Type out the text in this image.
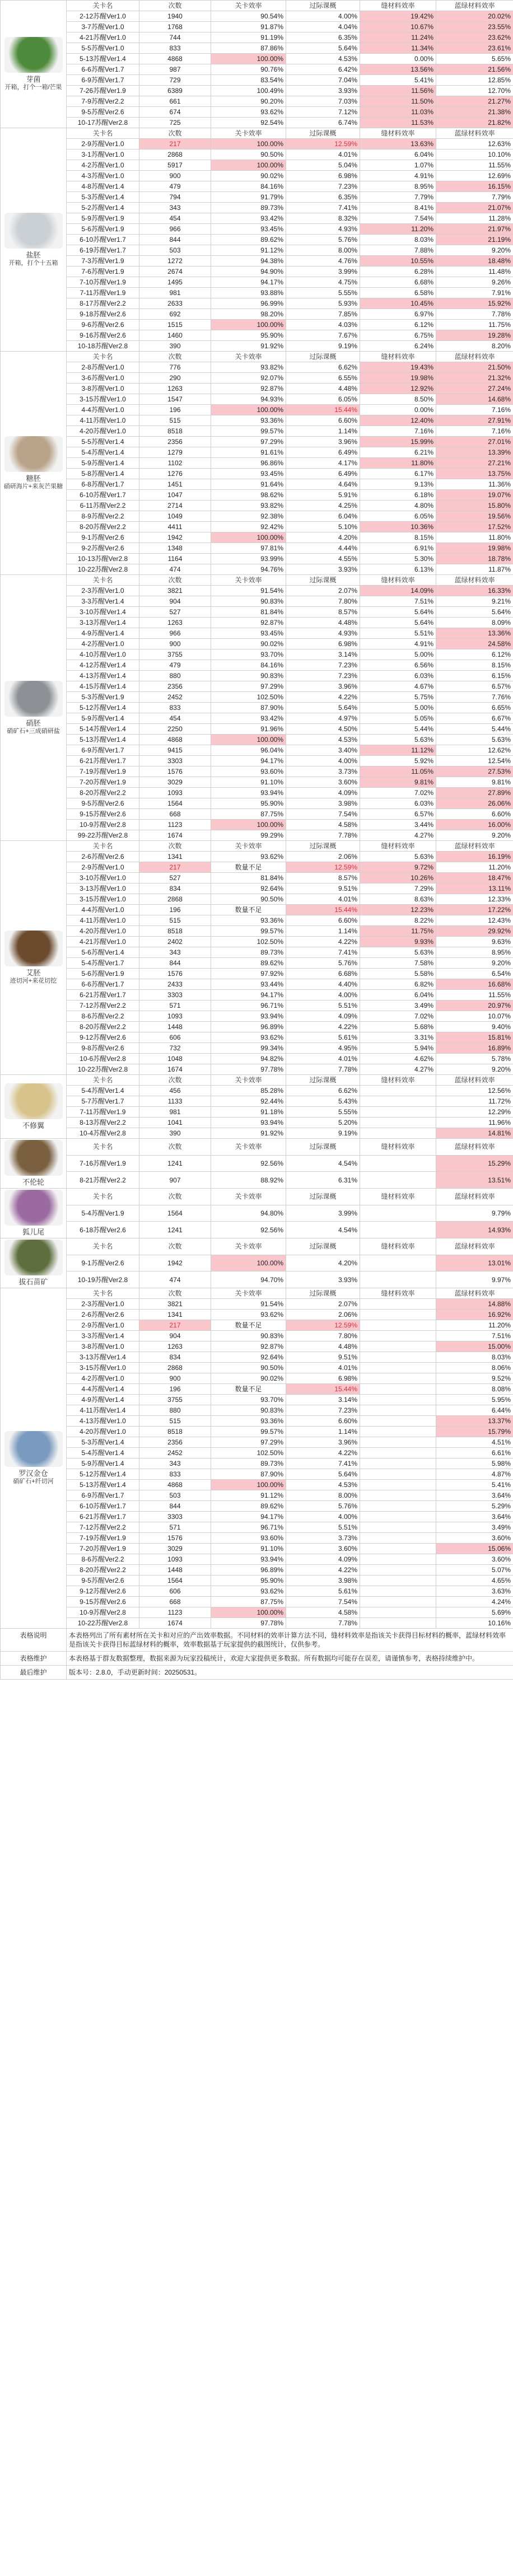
芽菌
开箱，打个一箱/芒果	关卡名	次数	关卡效率	过际课概	缝材料效率	蓝绿材料效率
	2-12苏醒Ver1.0	1940	90.54%	4.00%	19.42%	20.02%
	3-7苏醒Ver1.0	1768	91.87%	4.04%	10.67%	23.55%
	4-21苏醒Ver1.0	744	91.19%	6.35%	11.24%	23.62%
	5-5苏醒Ver1.0	833	87.86%	5.64%	11.34%	23.61%
	5-13苏醒Ver1.4	4868	100.00%	4.53%	0.00%	5.65%
	6-6苏醒Ver1.7	987	90.76%	6.42%	13.56%	21.56%
	6-9苏醒Ver1.7	729	83.54%	7.04%	5.41%	12.85%
	7-26苏醒Ver1.9	6389	100.49%	3.93%	11.56%	12.70%
	7-9苏醒Ver2.2	661	90.20%	7.03%	11.50%	21.27%
	9-5苏醒Ver2.6	674	93.62%	7.12%	11.03%	21.38%
	10-17苏醒Ver2.8	725	92.54%	6.74%	11.53%	21.82%

盐胚
开箱，打个十五箱	关卡名	次数	关卡效率	过际课概	缝材料效率	蓝绿材料效率
	2-9苏醒Ver1.0	217	100.00%	12.59%	13.63%	12.63%
	3-1苏醒Ver1.0	2868	90.50%	4.01%	6.04%	10.10%
	4-2苏醒Ver1.0	5917	100.00%	5.04%	1.07%	11.55%
	4-3苏醒Ver1.0	900	90.02%	6.98%	4.91%	12.69%
	4-8苏醒Ver1.4	479	84.16%	7.23%	8.95%	16.15%
	5-3苏醒Ver1.4	794	91.79%	6.35%	7.79%	7.79%
	5-2苏醒Ver1.4	343	89.73%	7.41%	8.41%	21.07%
	5-9苏醒Ver1.9	454	93.42%	8.32%	7.54%	11.28%
	5-6苏醒Ver1.9	966	93.45%	4.93%	11.20%	21.97%
	6-10苏醒Ver1.7	844	89.62%	5.76%	8.03%	21.19%
	6-19苏醒Ver1.7	503	91.12%	8.00%	7.88%	9.20%
	7-3苏醒Ver1.9	1272	94.38%	4.76%	10.55%	18.48%
	7-6苏醒Ver1.9	2674	94.90%	3.99%	6.28%	11.48%
	7-10苏醒Ver1.9	1495	94.17%	4.75%	6.68%	9.26%
	7-11苏醒Ver1.9	981	93.88%	5.55%	6.58%	7.91%
	8-17苏醒Ver2.2	2633	96.99%	5.93%	10.45%	15.92%
	9-18苏醒Ver2.6	692	98.20%	7.85%	6.97%	7.78%
	9-6苏醒Ver2.6	1515	100.00%	4.03%	6.12%	11.75%
	9-16苏醒Ver2.6	1460	95.90%	7.67%	6.75%	19.28%
	10-18苏醒Ver2.8	390	91.92%	9.19%	6.24%	8.20%

糖胚
硝研海片+来灰芒果糖	关卡名	次数	关卡效率	过际课概	缝材料效率	蓝绿材料效率
	2-8苏醒Ver1.0	776	93.82%	6.62%	19.43%	21.50%
	3-6苏醒Ver1.0	290	92.07%	6.55%	19.98%	21.32%
	3-8苏醒Ver1.0	1263	92.87%	4.48%	12.92%	27.24%
	3-15苏醒Ver1.0	1547	94.93%	6.05%	8.50%	14.68%
	4-4苏醒Ver1.0	196	100.00%	15.44%	0.00%	7.16%
	4-11苏醒Ver1.0	515	93.36%	6.60%	12.40%	27.91%
	4-20苏醒Ver1.0	8518	99.57%	1.14%	7.16%	7.16%
	5-5苏醒Ver1.4	2356	97.29%	3.96%	15.99%	27.01%
	5-4苏醒Ver1.4	1279	91.61%	6.49%	6.21%	13.39%
	5-9苏醒Ver1.4	1102	96.86%	4.17%	11.80%	27.21%
	5-8苏醒Ver1.4	1276	93.45%	6.49%	6.17%	13.75%
	6-8苏醒Ver1.7	1451	91.64%	4.64%	9.13%	11.36%
	6-10苏醒Ver1.7	1047	98.62%	5.91%	6.18%	19.07%
	6-11苏醒Ver2.2	2714	93.82%	4.25%	4.80%	15.80%
	8-9苏醒Ver2.2	1049	92.38%	6.04%	6.05%	19.56%
	8-20苏醒Ver2.2	4411	92.42%	5.10%	10.36%	17.52%
	9-1苏醒Ver2.6	1942	100.00%	4.20%	8.15%	11.80%
	9-2苏醒Ver2.6	1348	97.81%	4.44%	6.91%	19.98%
	10-13苏醒Ver2.8	1164	93.99%	4.55%	5.30%	18.78%
	10-22苏醒Ver2.8	474	94.76%	3.93%	6.13%	11.87%

硝胚
硝矿石+三成硝研盐	关卡名	次数	关卡效率	过际课概	缝材料效率	蓝绿材料效率
	2-3苏醒Ver1.0	3821	91.54%	2.07%	14.09%	16.33%
	3-3苏醒Ver1.4	904	90.83%	7.80%	7.51%	9.21%
	3-10苏醒Ver1.4	527	81.84%	8.57%	5.64%	5.64%
	3-13苏醒Ver1.4	1263	92.87%	4.48%	5.64%	8.09%
	4-9苏醒Ver1.4	966	93.45%	4.93%	5.51%	13.36%
	4-2苏醒Ver1.0	900	90.02%	6.98%	4.91%	24.58%
	4-10苏醒Ver1.0	3755	93.70%	3.14%	5.00%	6.12%
	4-12苏醒Ver1.4	479	84.16%	7.23%	6.56%	8.15%
	4-13苏醒Ver1.4	880	90.83%	7.23%	6.03%	6.15%
	4-15苏醒Ver1.4	2356	97.29%	3.96%	4.67%	6.57%
	5-3苏醒Ver1.9	2452	102.50%	4.22%	5.75%	7.76%
	5-12苏醒Ver1.4	833	87.90%	5.64%	5.00%	6.65%
	5-9苏醒Ver1.4	454	93.42%	4.97%	5.05%	6.67%
	5-14苏醒Ver1.4	2250	91.96%	4.50%	5.44%	5.44%
	5-13苏醒Ver1.4	4868	100.00%	4.53%	5.63%	5.63%
	6-9苏醒Ver1.7	9415	96.04%	3.40%	11.12%	12.62%
	6-21苏醒Ver1.7	3303	94.17%	4.00%	5.92%	12.54%
	7-19苏醒Ver1.9	1576	93.60%	3.73%	11.05%	27.53%
	7-20苏醒Ver1.9	3029	91.10%	3.60%	9.81%	9.81%
	8-20苏醒Ver2.2	1093	93.94%	4.09%	7.02%	27.89%
	9-5苏醒Ver2.6	1564	95.90%	3.98%	6.03%	26.06%
	9-15苏醒Ver2.6	668	87.75%	7.54%	6.57%	6.60%
	10-9苏醒Ver2.8	1123	100.00%	4.58%	3.44%	16.00%
	99-22苏醒Ver2.8	1674	99.29%	7.78%	4.27%	9.20%

艾胚
迹切河+来花切挖	关卡名	次数	关卡效率	过际课概	缝材料效率	蓝绿材料效率
	2-6苏醒Ver2.6	1341	93.62%	2.06%	5.63%	16.19%
	2-9苏醒Ver1.0	217	数量不足	12.59%	9.72%	11.20%
	3-10苏醒Ver1.0	527	81.84%	8.57%	10.26%	18.47%
	3-13苏醒Ver1.0	834	92.64%	9.51%	7.29%	13.11%
	3-15苏醒Ver1.0	2868	90.50%	4.01%	8.63%	12.33%
	4-4苏醒Ver1.0	196	数量不足	15.44%	12.23%	17.22%
	4-11苏醒Ver1.0	515	93.36%	6.60%	8.22%	12.43%
	4-20苏醒Ver1.0	8518	99.57%	1.14%	11.75%	29.92%
	4-21苏醒Ver1.0	2402	102.50%	4.22%	9.93%	9.63%
	5-6苏醒Ver1.4	343	89.73%	7.41%	5.63%	8.95%
	5-4苏醒Ver1.7	844	89.62%	5.76%	7.58%	9.20%
	5-6苏醒Ver1.9	1576	97.92%	6.68%	5.58%	6.54%
	6-6苏醒Ver1.7	2433	93.44%	4.40%	6.82%	16.68%
	6-21苏醒Ver1.7	3303	94.17%	4.00%	6.04%	11.55%
	7-12苏醒Ver2.2	571	96.71%	5.51%	3.49%	20.97%
	8-6苏醒Ver2.2	1093	93.94%	4.09%	7.02%	10.07%
	8-20苏醒Ver2.2	1448	96.89%	4.22%	5.68%	9.40%
	9-12苏醒Ver2.6	606	93.62%	5.61%	3.31%	15.81%
	9-8苏醒Ver2.6	732	99.34%	4.95%	5.94%	16.89%
	10-6苏醒Ver2.8	1048	94.82%	4.01%	4.62%	5.78%
	10-22苏醒Ver2.8	1674	97.78%	7.78%	4.27%	9.20%

不修翼	关卡名	次数	关卡效率	过际课概	缝材料效率	蓝绿材料效率
	5-4苏醒Ver1.4	456	85.28%	6.62%		12.56%
	5-7苏醒Ver1.7	1133	92.44%	5.43%		11.72%
	7-11苏醒Ver1.9	981	91.18%	5.55%		12.29%
	8-13苏醒Ver2.2	1041	93.94%	5.20%		11.96%
	10-4苏醒Ver2.8	390	91.92%	9.19%		14.81%

不伦轮	关卡名	次数	关卡效率	过际课概	缝材料效率	蓝绿材料效率
	7-16苏醒Ver1.9	1241	92.56%	4.54%		15.29%
	8-21苏醒Ver2.2	907	88.92%	6.31%		13.51%

狐儿尾	关卡名	次数	关卡效率	过际课概	缝材料效率	蓝绿材料效率
	5-4苏醒Ver1.9	1564	94.80%	3.99%		9.79%
	6-18苏醒Ver2.6	1241	92.56%	4.54%		14.93%

拔石苗矿	关卡名	次数	关卡效率	过际课概	缝材料效率	蓝绿材料效率
	9-1苏醒Ver2.6	1942	100.00%	4.20%		13.01%
	10-19苏醒Ver2.8	474	94.70%	3.93%		9.97%

罗汉金仓
硝矿石+纤切河	关卡名	次数	关卡效率	过际课概	缝材料效率	蓝绿材料效率
	2-3苏醒Ver1.0	3821	91.54%	2.07%		14.88%
	2-6苏醒Ver2.6	1341	93.62%	2.06%		16.92%
	2-9苏醒Ver1.0	217	数量不足	12.59%		11.20%
	3-3苏醒Ver1.4	904	90.83%	7.80%		7.51%
	3-8苏醒Ver1.0	1263	92.87%	4.48%		15.00%
	3-13苏醒Ver1.4	834	92.64%	9.51%		8.03%
	3-15苏醒Ver1.0	2868	90.50%	4.01%		8.06%
	4-2苏醒Ver1.0	900	90.02%	6.98%		9.52%
	4-4苏醒Ver1.4	196	数量不足	15.44%		8.08%
	4-9苏醒Ver1.4	3755	93.70%	3.14%		5.95%
	4-11苏醒Ver1.4	880	90.83%	7.23%		6.44%
	4-13苏醒Ver1.0	515	93.36%	6.60%		13.37%
	4-20苏醒Ver1.0	8518	99.57%	1.14%		15.79%
	5-3苏醒Ver1.4	2356	97.29%	3.96%		4.51%
	5-4苏醒Ver1.4	2452	102.50%	4.22%		6.61%
	5-9苏醒Ver1.4	343	89.73%	7.41%		5.98%
	5-12苏醒Ver1.4	833	87.90%	5.64%		4.87%
	5-13苏醒Ver1.4	4868	100.00%	4.53%		5.41%
	6-9苏醒Ver1.7	503	91.12%	8.00%		3.64%
	6-10苏醒Ver1.7	844	89.62%	5.76%		5.29%
	6-21苏醒Ver1.7	3303	94.17%	4.00%		3.64%
	7-12苏醒Ver2.2	571	96.71%	5.51%		3.49%
	7-19苏醒Ver1.9	1576	93.60%	3.73%		3.60%
	7-20苏醒Ver1.9	3029	91.10%	3.60%		15.06%
	8-6苏醒Ver2.2	1093	93.94%	4.09%		3.60%
	8-20苏醒Ver2.2	1448	96.89%	4.22%		5.07%
	9-5苏醒Ver2.6	1564	95.90%	3.98%		4.65%
	9-12苏醒Ver2.6	606	93.62%	5.61%		3.63%
	9-15苏醒Ver2.6	668	87.75%	7.54%		4.24%
	10-9苏醒Ver2.8	1123	100.00%	4.58%		5.69%
	10-22苏醒Ver2.8	1674	97.78%	7.78%		10.16%
表格说明	本表格列出了所有素材所在关卡和对应的产出效率数据。不同材料的效率计算方法不同，缝材料效率是指该关卡获得目标材料的概率，蓝绿材料效率是指该关卡获得目标蓝绿材料的概率，效率数据基于玩家提供的截图统计，仅供参考。					
表格维护	本表格基于群友数据整理，数据来源为玩家投稿统计，欢迎大家提供更多数据。所有数据均可能存在误差，请谨慎参考，表格持续维护中。					
最后维护	版本号：2.8.0，手动更新时间：20250531。					
